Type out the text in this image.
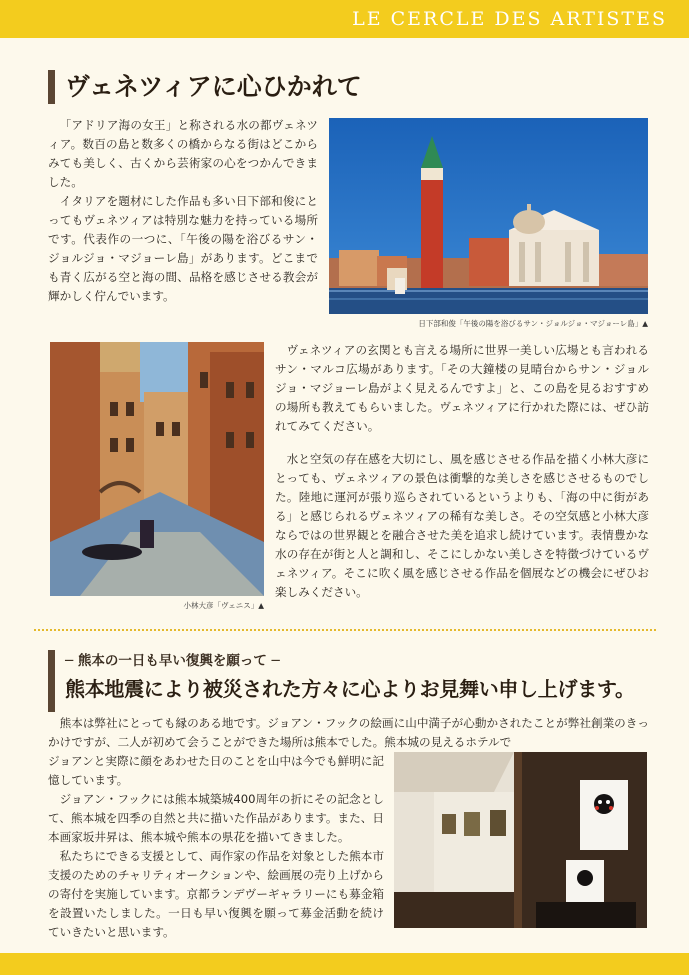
LE CERCLE DES ARTISTES
ヴェネツィアに心ひかれて

「アドリア海の女王」と称される水の都ヴェネツィア。数百の島と数多くの橋からなる街はどこからみても美しく、古くから芸術家の心をつかんできました。

イタリアを題材にした作品も多い日下部和俊にとってもヴェネツィアは特別な魅力を持っている場所です。代表作の一つに、「午後の陽を浴びるサン・ジョルジョ・マジョーレ島」があります。どこまでも青く広がる空と海の間、品格を感じさせる教会が輝かしく佇んでいます。

日下部和俊「午後の陽を浴びるサン・ジョルジョ・マジョーレ島」▲
小林大彦「ヴェニス」▲

ヴェネツィアの玄関とも言える場所に世界一美しい広場とも言われるサン・マルコ広場があります。「その大鐘楼の見晴台からサン・ジョルジョ・マジョーレ島がよく見えるんですよ」と、この島を見るおすすめの場所も教えてもらいました。ヴェネツィアに行かれた際には、ぜひ訪れてみてください。

水と空気の存在感を大切にし、風を感じさせる作品を描く小林大彦にとっても、ヴェネツィアの景色は衝撃的な美しさを感じさせるものでした。陸地に運河が張り巡らされているというよりも、「海の中に街がある」と感じられるヴェネツィアの稀有な美しさ。その空気感と小林大彦ならではの世界観とを融合させた美を追求し続けています。表情豊かな水の存在が街と人と調和し、そこにしかない美しさを特徴づけているヴェネツィア。そこに吹く風を感じさせる作品を個展などの機会にぜひお楽しみください。

─ 熊本の一日も早い復興を願って ─
熊本地震により被災された方々に心よりお見舞い申し上げます。

熊本は弊社にとっても縁のある地です。ジョアン・フックの絵画に山中満子が心動かされたことが弊社創業のきっかけですが、二人が初めて会うことができた場所は熊本でした。熊本城の見えるホテルで

ジョアンと実際に顔をあわせた日のことを山中は今でも鮮明に記憶しています。

ジョアン・フックには熊本城築城400周年の折にその記念として、熊本城を四季の自然と共に描いた作品があります。また、日本画家坂井昇は、熊本城や熊本の県花を描いてきました。

私たちにできる支援として、両作家の作品を対象とした熊本市支援のためのチャリティオークションや、絵画展の売り上げからの寄付を実施しています。京都ランデヴーギャラリーにも募金箱を設置いたしました。一日も早い復興を願って募金活動を続けていきたいと思います。
